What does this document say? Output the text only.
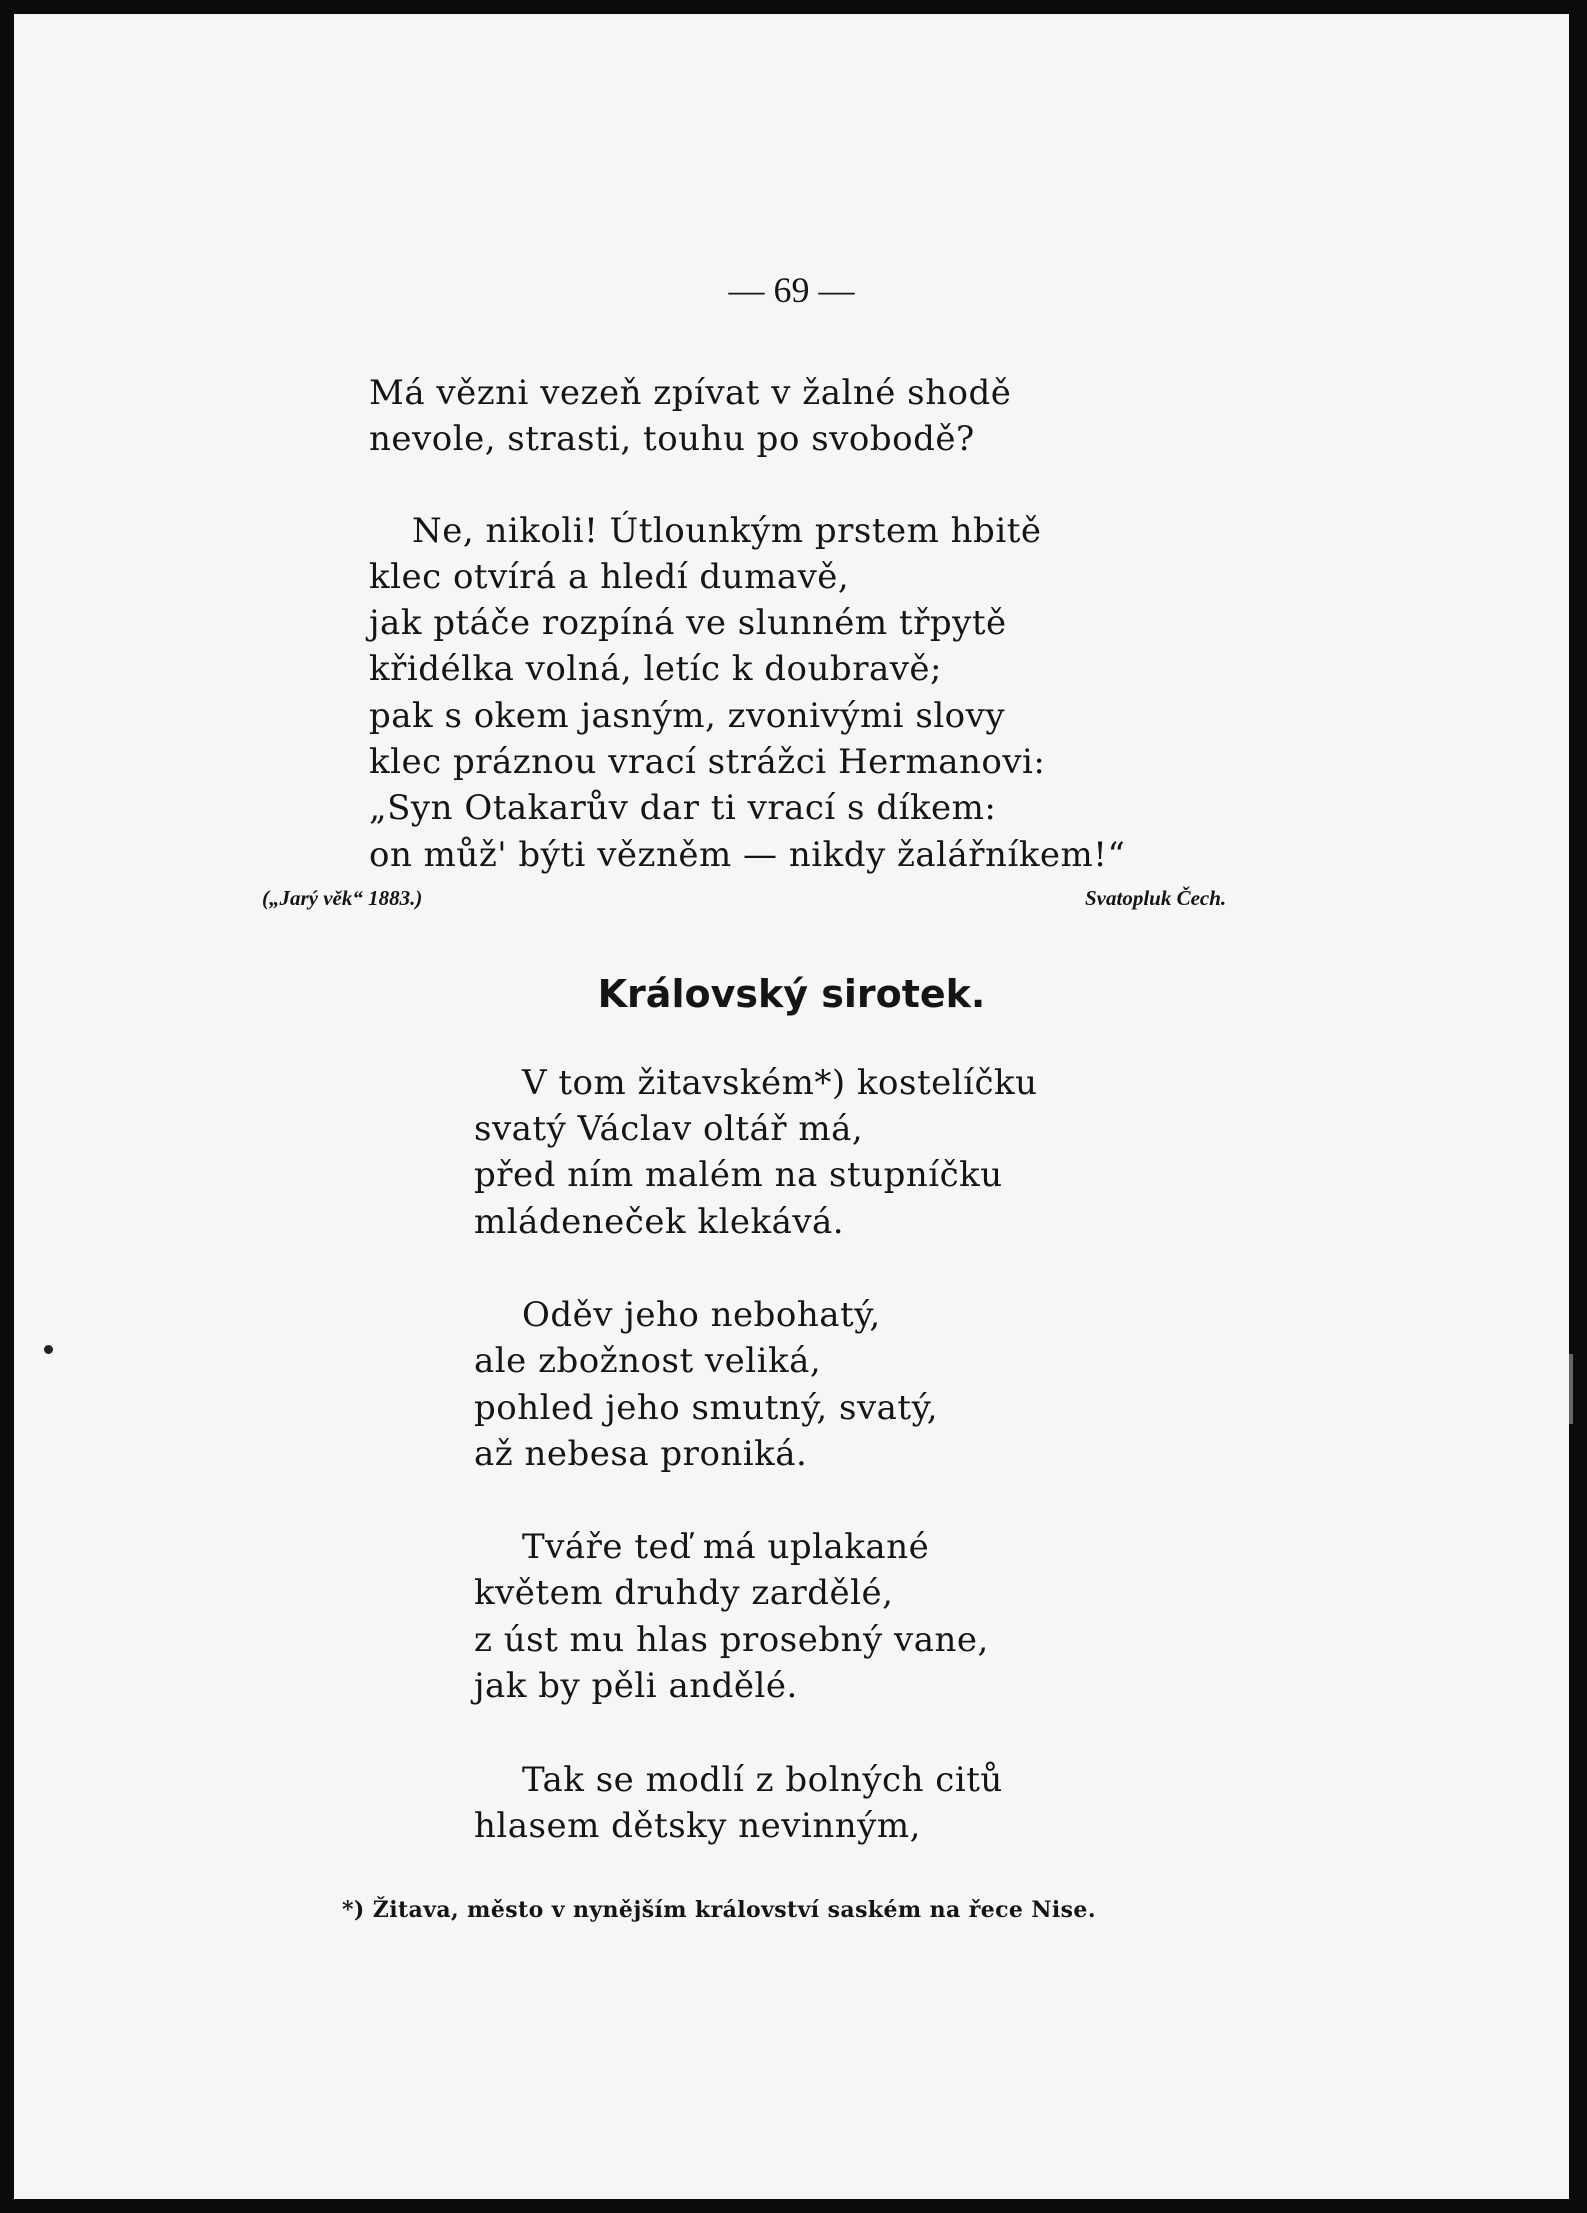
— 69 —
Má vězni vezeň zpívat v žalné shodě
nevole, strasti, touhu po svobodě?
Ne, nikoli! Útlounkým prstem hbitě
klec otvírá a hledí dumavě,
jak ptáče rozpíná ve slunném třpytě
křidélka volná, letíc k doubravě;
pak s okem jasným, zvonivými slovy
klec práznou vrací strážci Hermanovi:
„Syn Otakarův dar ti vrací s díkem:
on můž' býti vězněm — nikdy žalářníkem!“
(„Jarý věk“ 1883.)	Svatopluk Čech.
Královský sirotek.
V tom žitavském*) kostelíčku
svatý Václav oltář má,
před ním malém na stupníčku
mládeneček klekává.
Oděv jeho nebohatý,
ale zbožnost veliká,
pohled jeho smutný, svatý,
až nebesa proniká.
Tváře teď má uplakané
květem druhdy zardělé,
z úst mu hlas prosebný vane,
jak by pěli andělé.
Tak se modlí z bolných citů
hlasem dětsky nevinným,
*) Žitava, město v nynějším království saském na řece Nise.
